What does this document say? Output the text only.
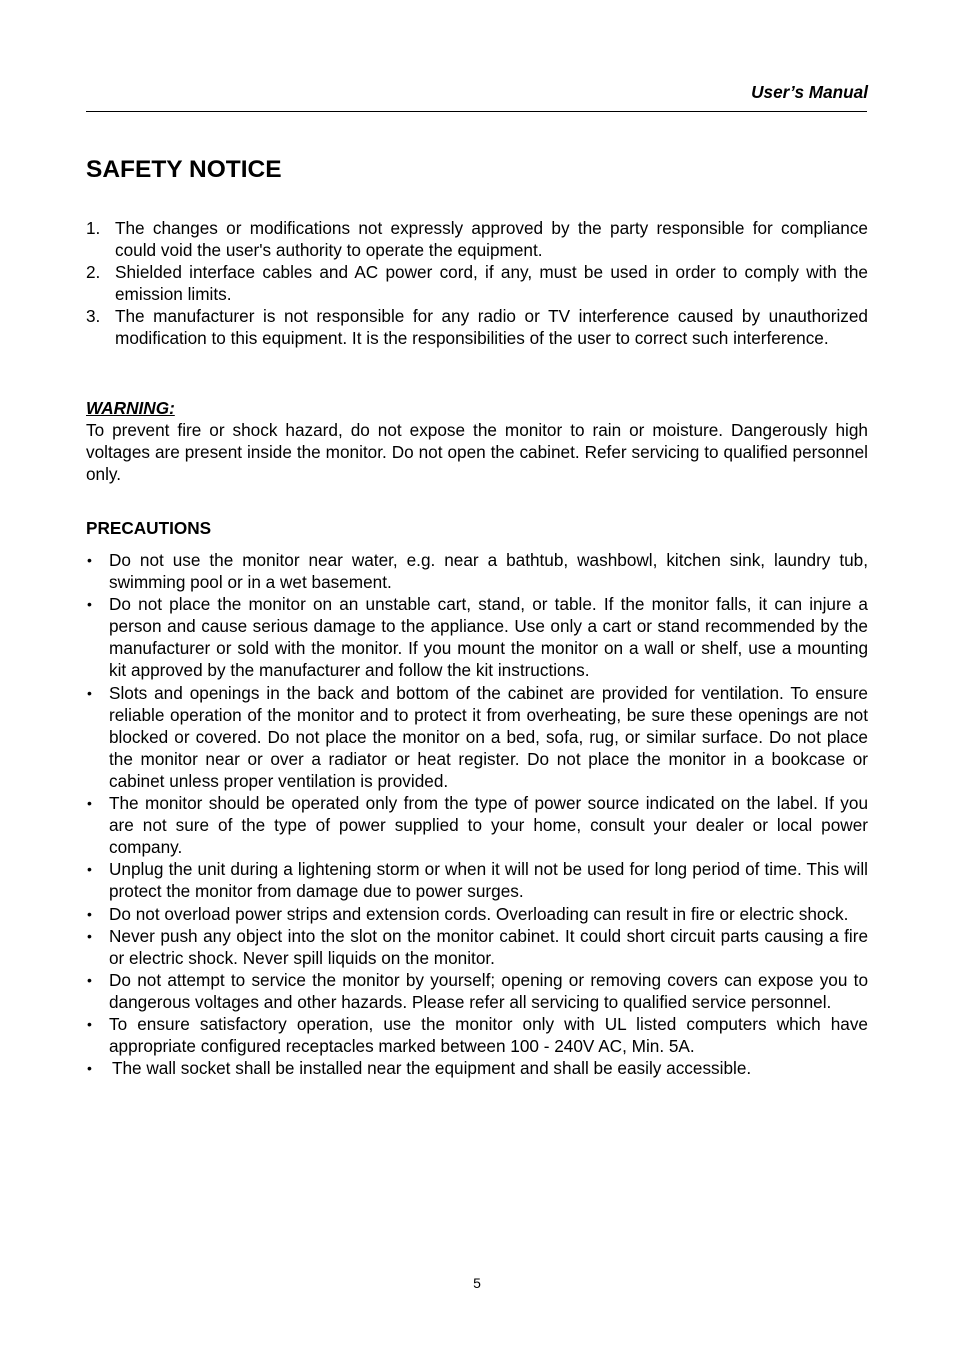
User’s Manual
SAFETY NOTICE
1. The changes or modifications not expressly approved by the party responsible for compliance could void the user's authority to operate the equipment.
2. Shielded interface cables and AC power cord, if any, must be used in order to comply with the emission limits.
3. The manufacturer is not responsible for any radio or TV interference caused by unauthorized modification to this equipment. It is the responsibilities of the user to correct such interference.
WARNING:
To prevent fire or shock hazard, do not expose the monitor to rain or moisture. Dangerously high voltages are present inside the monitor. Do not open the cabinet. Refer servicing to qualified personnel only.
PRECAUTIONS
• Do not use the monitor near water, e.g. near a bathtub, washbowl, kitchen sink, laundry tub, swimming pool or in a wet basement.
• Do not place the monitor on an unstable cart, stand, or table. If the monitor falls, it can injure a person and cause serious damage to the appliance. Use only a cart or stand recommended by the manufacturer or sold with the monitor. If you mount the monitor on a wall or shelf, use a mounting kit approved by the manufacturer and follow the kit instructions.
• Slots and openings in the back and bottom of the cabinet are provided for ventilation. To ensure reliable operation of the monitor and to protect it from overheating, be sure these openings are not blocked or covered. Do not place the monitor on a bed, sofa, rug, or similar surface. Do not place the monitor near or over a radiator or heat register. Do not place the monitor in a bookcase or cabinet unless proper ventilation is provided.
• The monitor should be operated only from the type of power source indicated on the label. If you are not sure of the type of power supplied to your home, consult your dealer or local power company.
• Unplug the unit during a lightening storm or when it will not be used for long period of time. This will protect the monitor from damage due to power surges.
• Do not overload power strips and extension cords. Overloading can result in fire or electric shock.
• Never push any object into the slot on the monitor cabinet. It could short circuit parts causing a fire or electric shock. Never spill liquids on the monitor.
• Do not attempt to service the monitor by yourself; opening or removing covers can expose you to dangerous voltages and other hazards. Please refer all servicing to qualified service personnel.
• To ensure satisfactory operation, use the monitor only with UL listed computers which have appropriate configured receptacles marked between 100 - 240V AC, Min. 5A.
• The wall socket shall be installed near the equipment and shall be easily accessible.
5
